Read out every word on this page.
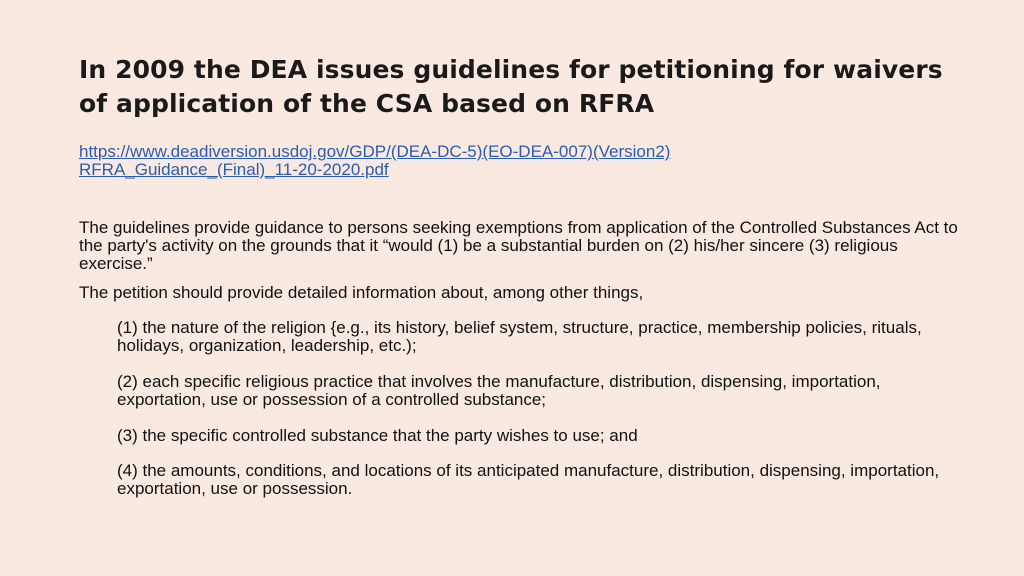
In 2009 the DEA issues guidelines for petitioning for waivers of application of the CSA based on RFRA
https://www.deadiversion.usdoj.gov/GDP/(DEA-DC-5)(EO-DEA-007)(Version2)RFRA_Guidance_(Final)_11-20-2020.pdf

The guidelines provide guidance to persons seeking exemptions from application of the Controlled Substances Act to the party's activity on the grounds that it “would (1) be a substantial burden on (2) his/her sincere (3) religious exercise.”

The petition should provide detailed information about, among other things,

(1) the nature of the religion {e.g., its history, belief system, structure, practice, membership policies, rituals, holidays, organization, leadership, etc.);

(2) each specific religious practice that involves the manufacture, distribution, dispensing, importation, exportation, use or possession of a controlled substance;

(3) the specific controlled substance that the party wishes to use; and

(4) the amounts, conditions, and locations of its anticipated manufacture, distribution, dispensing, importation, exportation, use or possession.
